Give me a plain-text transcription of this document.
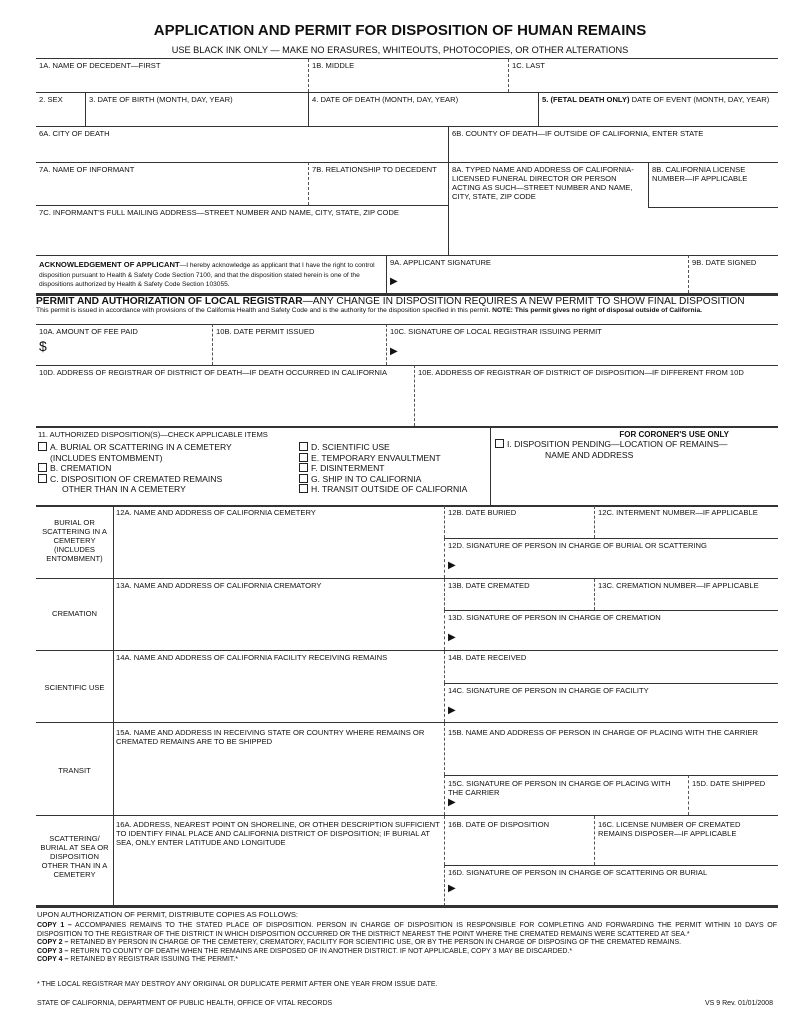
APPLICATION AND PERMIT FOR DISPOSITION OF HUMAN REMAINS
USE BLACK INK ONLY — MAKE NO ERASURES, WHITEOUTS, PHOTOCOPIES, OR OTHER ALTERATIONS
1A. NAME OF DECEDENT—FIRST	1B. MIDDLE	1C. LAST
2. SEX	3. DATE OF BIRTH (MONTH, DAY, YEAR)	4. DATE OF DEATH (MONTH, DAY, YEAR)	5. (FETAL DEATH ONLY) DATE OF EVENT (MONTH, DAY, YEAR)
6A. CITY OF DEATH	6B. COUNTY OF DEATH—IF OUTSIDE OF CALIFORNIA, ENTER STATE
7A. NAME OF INFORMANT	7B. RELATIONSHIP TO DECEDENT	8A. TYPED NAME AND ADDRESS OF CALIFORNIA-LICENSED FUNERAL DIRECTOR OR PERSON ACTING AS SUCH—STREET NUMBER AND NAME, CITY, STATE, ZIP CODE
8B. CALIFORNIA LICENSE NUMBER—IF APPLICABLE
7C. INFORMANT'S FULL MAILING ADDRESS—STREET NUMBER AND NAME, CITY, STATE, ZIP CODE
ACKNOWLEDGEMENT OF APPLICANT—I hereby acknowledge as applicant that I have the right to control disposition pursuant to Health & Safety Code Section 7100, and that the disposition stated herein is one of the dispositions authorized by Health & Safety Code Section 103055.
9A. APPLICANT SIGNATURE
▶
9B. DATE SIGNED
PERMIT AND AUTHORIZATION OF LOCAL REGISTRAR—ANY CHANGE IN DISPOSITION REQUIRES A NEW PERMIT TO SHOW FINAL DISPOSITION
This permit is issued in accordance with provisions of the California Health and Safety Code and is the authority for the disposition specified in this permit. NOTE: This permit gives no right of disposal outside of California.
10A. AMOUNT OF FEE PAID
$
10B. DATE PERMIT ISSUED	10C. SIGNATURE OF LOCAL REGISTRAR ISSUING PERMIT
▶
10D. ADDRESS OF REGISTRAR OF DISTRICT OF DEATH—IF DEATH OCCURRED IN CALIFORNIA	10E. ADDRESS OF REGISTRAR OF DISTRICT OF DISPOSITION—IF DIFFERENT FROM 10D
11. AUTHORIZED DISPOSITION(S)—CHECK APPLICABLE ITEMS
A. BURIAL OR SCATTERING IN A CEMETERY
(INCLUDES ENTOMBMENT)
B. CREMATION
C. DISPOSITION OF CREMATED REMAINS
OTHER THAN IN A CEMETERY
D. SCIENTIFIC USE
E. TEMPORARY ENVAULTMENT
F. DISINTERMENT
G. SHIP IN TO CALIFORNIA
H. TRANSIT OUTSIDE OF CALIFORNIA
FOR CORONER'S USE ONLY
I. DISPOSITION PENDING—LOCATION OF REMAINS—
NAME AND ADDRESS
BURIAL OR SCATTERING IN A CEMETERY (INCLUDES ENTOMBMENT)
12A. NAME AND ADDRESS OF CALIFORNIA CEMETERY	12B. DATE BURIED	12C. INTERMENT NUMBER—IF APPLICABLE
12D. SIGNATURE OF PERSON IN CHARGE OF BURIAL OR SCATTERING
▶
CREMATION
13A. NAME AND ADDRESS OF CALIFORNIA CREMATORY	13B. DATE CREMATED	13C. CREMATION NUMBER—IF APPLICABLE
13D. SIGNATURE OF PERSON IN CHARGE OF CREMATION
▶
SCIENTIFIC USE
14A. NAME AND ADDRESS OF CALIFORNIA FACILITY RECEIVING REMAINS	14B. DATE RECEIVED
14C. SIGNATURE OF PERSON IN CHARGE OF FACILITY
▶
TRANSIT
15A. NAME AND ADDRESS IN RECEIVING STATE OR COUNTRY WHERE REMAINS OR CREMATED REMAINS ARE TO BE SHIPPED
15B. NAME AND ADDRESS OF PERSON IN CHARGE OF PLACING WITH THE CARRIER
15C. SIGNATURE OF PERSON IN CHARGE OF PLACING WITH THE CARRIER
▶
15D. DATE SHIPPED
SCATTERING/ BURIAL AT SEA OR DISPOSITION OTHER THAN IN A CEMETERY
16A. ADDRESS, NEAREST POINT ON SHORELINE, OR OTHER DESCRIPTION SUFFICIENT TO IDENTIFY FINAL PLACE AND CALIFORNIA DISTRICT OF DISPOSITION; IF BURIAL AT SEA, ONLY ENTER LATITUDE AND LONGITUDE
16B. DATE OF DISPOSITION	16C. LICENSE NUMBER OF CREMATED REMAINS DISPOSER—IF APPLICABLE
16D. SIGNATURE OF PERSON IN CHARGE OF SCATTERING OR BURIAL
▶
UPON AUTHORIZATION OF PERMIT, DISTRIBUTE COPIES AS FOLLOWS:
COPY 1 – ACCOMPANIES REMAINS TO THE STATED PLACE OF DISPOSITION. PERSON IN CHARGE OF DISPOSITION IS RESPONSIBLE FOR COMPLETING AND FORWARDING THE PERMIT WITHIN 10 DAYS OF DISPOSITION TO THE REGISTRAR OF THE DISTRICT IN WHICH DISPOSITION OCCURRED OR THE DISTRICT NEAREST THE POINT WHERE THE CREMATED REMAINS WERE SCATTERED AT SEA.*
COPY 2 – RETAINED BY PERSON IN CHARGE OF THE CEMETERY, CREMATORY, FACILITY FOR SCIENTIFIC USE, OR BY THE PERSON IN CHARGE OF DISPOSING OF THE CREMATED REMAINS.
COPY 3 – RETURN TO COUNTY OF DEATH WHEN THE REMAINS ARE DISPOSED OF IN ANOTHER DISTRICT. IF NOT APPLICABLE, COPY 3 MAY BE DISCARDED.*
COPY 4 – RETAINED BY REGISTRAR ISSUING THE PERMIT.*
* THE LOCAL REGISTRAR MAY DESTROY ANY ORIGINAL OR DUPLICATE PERMIT AFTER ONE YEAR FROM ISSUE DATE.
STATE OF CALIFORNIA, DEPARTMENT OF PUBLIC HEALTH, OFFICE OF VITAL RECORDS	VS 9 Rev. 01/01/2008
